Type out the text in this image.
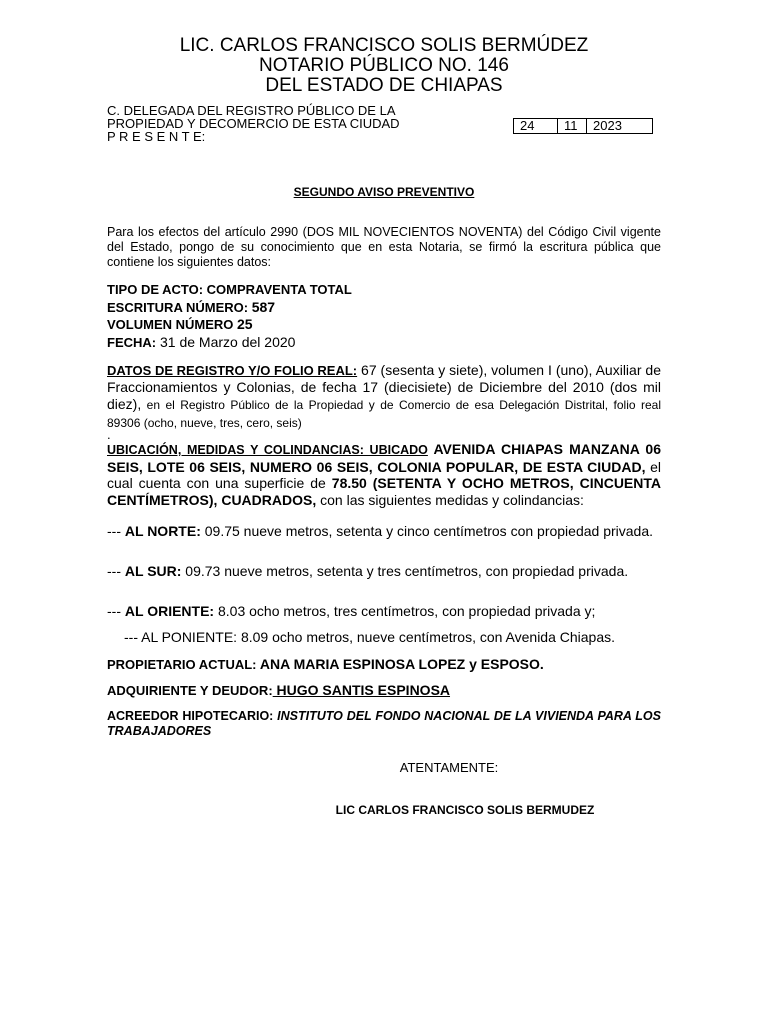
LIC. CARLOS FRANCISCO SOLIS BERMÚDEZ
NOTARIO PÚBLICO NO. 146
DEL ESTADO DE CHIAPAS
C. DELEGADA DEL REGISTRO PÚBLICO DE LA
PROPIEDAD Y DECOMERCIO DE ESTA CIUDAD
P R E S E N T E:
24	11	2023
SEGUNDO AVISO PREVENTIVO
Para los efectos del artículo 2990 (DOS MIL NOVECIENTOS NOVENTA) del Código Civil vigente del Estado, pongo de su conocimiento que en esta Notaria, se firmó la escritura pública que contiene los siguientes datos:
TIPO DE ACTO: COMPRAVENTA TOTAL
ESCRITURA NÚMERO: 587
VOLUMEN NÚMERO 25
FECHA: 31 de Marzo del 2020
DATOS DE REGISTRO Y/O FOLIO REAL: 67 (sesenta y siete), volumen I (uno), Auxiliar de Fraccionamientos y Colonias, de fecha 17 (diecisiete) de Diciembre del 2010 (dos mil diez), en el Registro Público de la Propiedad y de Comercio de esa Delegación Distrital, folio real 89306 (ocho, nueve, tres, cero, seis)
.
UBICACIÓN, MEDIDAS Y COLINDANCIAS: UBICADO AVENIDA CHIAPAS MANZANA 06 SEIS, LOTE 06 SEIS, NUMERO 06 SEIS, COLONIA POPULAR, DE ESTA CIUDAD, el cual cuenta con una superficie de 78.50 (SETENTA Y OCHO METROS, CINCUENTA CENTÍMETROS), CUADRADOS, con las siguientes medidas y colindancias:
--- AL NORTE: 09.75 nueve metros, setenta y cinco centímetros con propiedad privada.
--- AL SUR: 09.73 nueve metros, setenta y tres centímetros, con propiedad privada.
--- AL ORIENTE: 8.03 ocho metros, tres centímetros, con propiedad privada y;
--- AL PONIENTE: 8.09 ocho metros, nueve centímetros, con Avenida Chiapas.
PROPIETARIO ACTUAL: ANA MARIA ESPINOSA LOPEZ y ESPOSO.
ADQUIRIENTE Y DEUDOR: HUGO SANTIS ESPINOSA
ACREEDOR HIPOTECARIO: INSTITUTO DEL FONDO NACIONAL DE LA VIVIENDA PARA LOS TRABAJADORES
ATENTAMENTE:
LIC CARLOS FRANCISCO SOLIS BERMUDEZ
